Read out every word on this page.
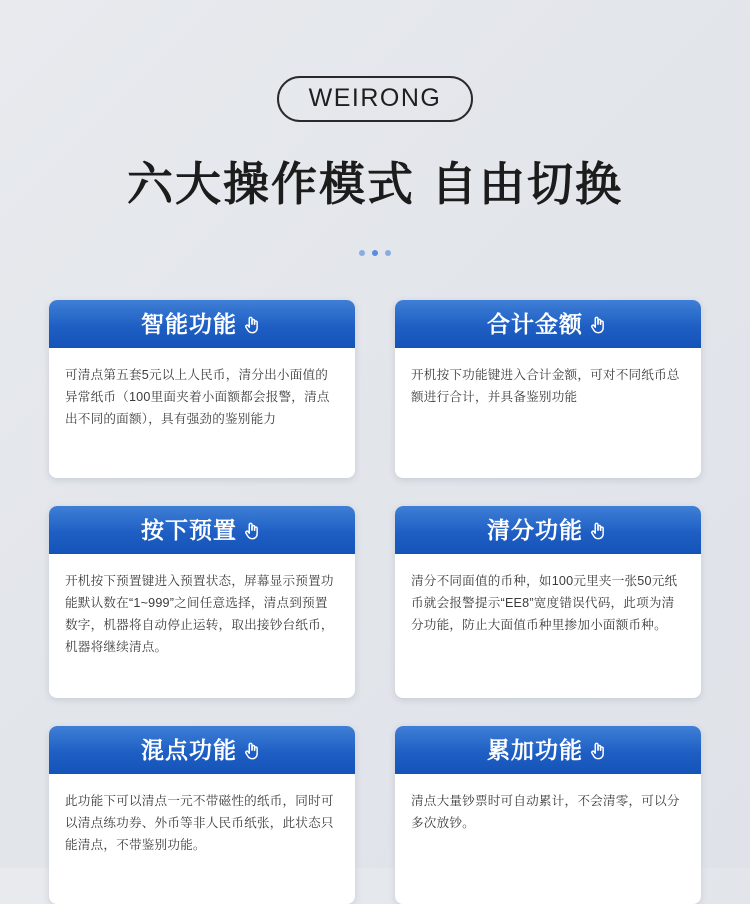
WEIRONG
六大操作模式 自由切换
智能功能
可清点第五套5元以上人民币，清分出小面值的异常纸币（100里面夹着小面额都会报警，清点出不同的面额），具有强劲的鉴别能力
合计金额
开机按下功能键进入合计金额，可对不同纸币总额进行合计，并具备鉴别功能
按下预置
开机按下预置键进入预置状态，屏幕显示预置功能默认数在“1~999”之间任意选择，清点到预置数字，机器将自动停止运转，取出接钞台纸币，机器将继续清点。
清分功能
清分不同面值的币种，如100元里夹一张50元纸币就会报警提示“EE8”宽度错误代码，此项为清分功能，防止大面值币种里掺加小面额币种。
混点功能
此功能下可以清点一元不带磁性的纸币，同时可以清点练功券、外币等非人民币纸张，此状态只能清点，不带鉴别功能。
累加功能
清点大量钞票时可自动累计，不会清零，可以分多次放钞。
